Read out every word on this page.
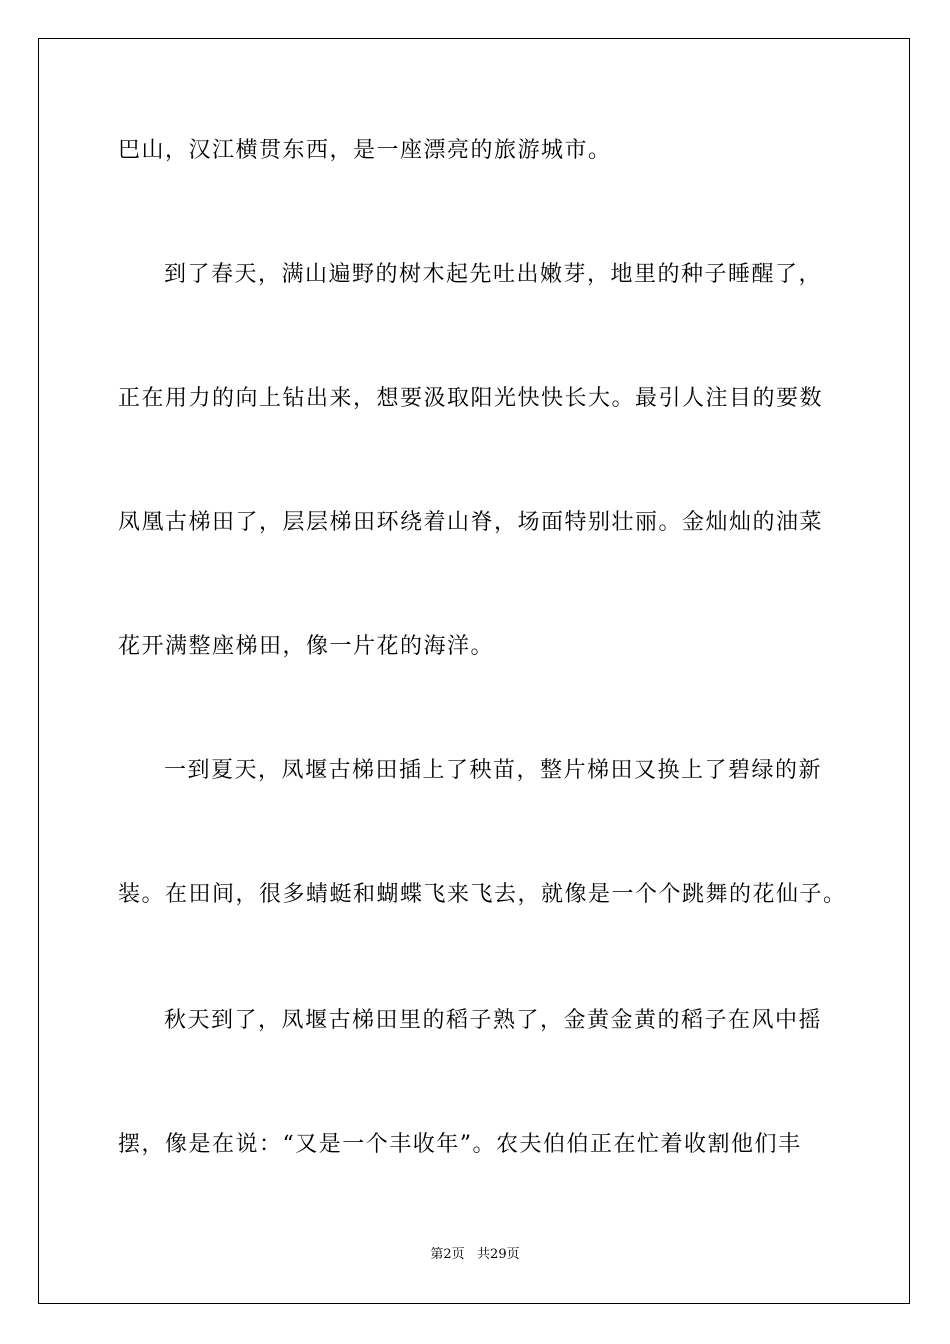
巴山，汉江横贯东西，是一座漂亮的旅游城市。
到了春天，满山遍野的树木起先吐出嫩芽，地里的种子睡醒了，
正在用力的向上钻出来，想要汲取阳光快快长大。最引人注目的要数
凤凰古梯田了，层层梯田环绕着山脊，场面特别壮丽。金灿灿的油菜
花开满整座梯田，像一片花的海洋。
一到夏天，凤堰古梯田插上了秧苗，整片梯田又换上了碧绿的新
装。在田间，很多蜻蜓和蝴蝶飞来飞去，就像是一个个跳舞的花仙子。
秋天到了，凤堰古梯田里的稻子熟了，金黄金黄的稻子在风中摇
摆，像是在说：“又是一个丰收年”。农夫伯伯正在忙着收割他们丰
第2页   共29页
